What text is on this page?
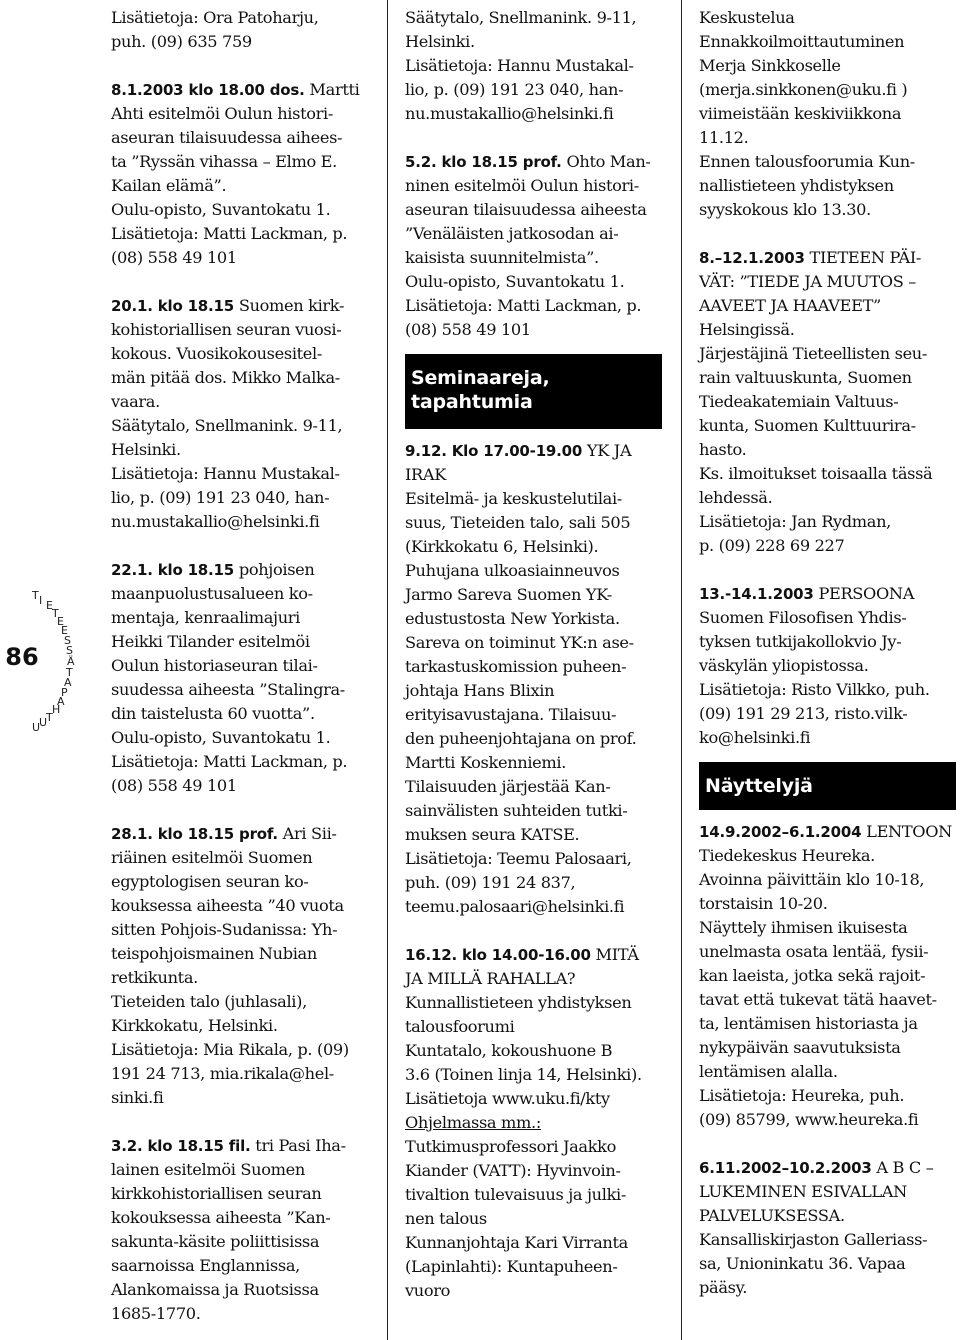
T I E
T
E
E
S
S
Ä
T
A
P
A
H
T
U
U
86
Lisätietoja: Ora Patoharju,
puh. (09) 635 759
8.1.2003 klo 18.00 dos. Martti
Ahti esitelmöi Oulun histori-
aseuran tilaisuudessa aihees-
ta ”Ryssän vihassa – Elmo E.
Kailan elämä”.
Oulu-opisto, Suvantokatu 1.
Lisätietoja: Matti Lackman, p.
(08) 558 49 101
20.1. klo 18.15 Suomen kirk-
kohistoriallisen seuran vuosi-
kokous. Vuosikokousesitel-
män pitää dos. Mikko Malka-
vaara.
Säätytalo, Snellmanink. 9-11,
Helsinki.
Lisätietoja: Hannu Mustakal-
lio, p. (09) 191 23 040, han-
nu.mustakallio@helsinki.fi
22.1. klo 18.15 pohjoisen
maanpuolustusalueen ko-
mentaja, kenraalimajuri
Heikki Tilander esitelmöi
Oulun historiaseuran tilai-
suudessa aiheesta ”Stalingra-
din taistelusta 60 vuotta”.
Oulu-opisto, Suvantokatu 1.
Lisätietoja: Matti Lackman, p.
(08) 558 49 101
28.1. klo 18.15 prof. Ari Sii-
riäinen esitelmöi Suomen
egyptologisen seuran ko-
kouksessa aiheesta ”40 vuota
sitten Pohjois-Sudanissa: Yh-
teispohjoismainen Nubian
retkikunta.
Tieteiden talo (juhlasali),
Kirkkokatu, Helsinki.
Lisätietoja: Mia Rikala, p. (09)
191 24 713, mia.rikala@hel-
sinki.fi
3.2. klo 18.15 fil. tri Pasi Iha-
lainen esitelmöi Suomen
kirkkohistoriallisen seuran
kokouksessa aiheesta ”Kan-
sakunta-käsite poliittisissa
saarnoissa Englannissa,
Alankomaissa ja Ruotsissa
1685-1770.
Säätytalo, Snellmanink. 9-11,
Helsinki.
Lisätietoja: Hannu Mustakal-
lio, p. (09) 191 23 040, han-
nu.mustakallio@helsinki.fi
5.2. klo 18.15 prof. Ohto Man-
ninen esitelmöi Oulun histori-
aseuran tilaisuudessa aiheesta
”Venäläisten jatkosodan ai-
kaisista suunnitelmista”.
Oulu-opisto, Suvantokatu 1.
Lisätietoja: Matti Lackman, p.
(08) 558 49 101
Seminaareja,
tapahtumia
9.12. Klo 17.00-19.00 YK JA
IRAK
Esitelmä- ja keskustelutilai-
suus, Tieteiden talo, sali 505
(Kirkkokatu 6, Helsinki).
Puhujana ulkoasiainneuvos
Jarmo Sareva Suomen YK-
edustustosta New Yorkista.
Sareva on toiminut YK:n ase-
tarkastuskomission puheen-
johtaja Hans Blixin
erityisavustajana. Tilaisuu-
den puheenjohtajana on prof.
Martti Koskenniemi.
Tilaisuuden järjestää Kan-
sainvälisten suhteiden tutki-
muksen seura KATSE.
Lisätietoja: Teemu Palosaari,
puh. (09) 191 24 837,
teemu.palosaari@helsinki.fi
16.12. klo 14.00-16.00 MITÄ
JA MILLÄ RAHALLA?
Kunnallistieteen yhdistyksen
talousfoorumi
Kuntatalo, kokoushuone B
3.6 (Toinen linja 14, Helsinki).
Lisätietoja www.uku.fi/kty
Ohjelmassa mm.:
Tutkimusprofessori Jaakko
Kiander (VATT): Hyvinvoin-
tivaltion tulevaisuus ja julki-
nen talous
Kunnanjohtaja Kari Virranta
(Lapinlahti): Kuntapuheen-
vuoro
Keskustelua
Ennakkoilmoittautuminen
Merja Sinkkoselle
(merja.sinkkonen@uku.fi )
viimeistään keskiviikkona
11.12.
Ennen talousfoorumia Kun-
nallistieteen yhdistyksen
syyskokous klo 13.30.
8.–12.1.2003 TIETEEN PÄI-
VÄT: ”TIEDE JA MUUTOS –
AAVEET JA HAAVEET”
Helsingissä.
Järjestäjinä Tieteellisten seu-
rain valtuuskunta, Suomen
Tiedeakatemiain Valtuus-
kunta, Suomen Kulttuurira-
hasto.
Ks. ilmoitukset toisaalla tässä
lehdessä.
Lisätietoja: Jan Rydman,
p. (09) 228 69 227
13.-14.1.2003 PERSOONA
Suomen Filosofisen Yhdis-
tyksen tutkijakollokvio Jy-
väskylän yliopistossa.
Lisätietoja: Risto Vilkko, puh.
(09) 191 29 213, risto.vilk-
ko@helsinki.fi
Näyttelyjä
14.9.2002–6.1.2004 LENTOON
Tiedekeskus Heureka.
Avoinna päivittäin klo 10-18,
torstaisin 10-20.
Näyttely ihmisen ikuisesta
unelmasta osata lentää, fysii-
kan laeista, jotka sekä rajoit-
tavat että tukevat tätä haavet-
ta, lentämisen historiasta ja
nykypäivän saavutuksista
lentämisen alalla.
Lisätietoja: Heureka, puh.
(09) 85799, www.heureka.fi
6.11.2002–10.2.2003 A B C –
LUKEMINEN ESIVALLAN
PALVELUKSESSA.
Kansalliskirjaston Galleriass-
sa, Unioninkatu 36. Vapaa
pääsy.
